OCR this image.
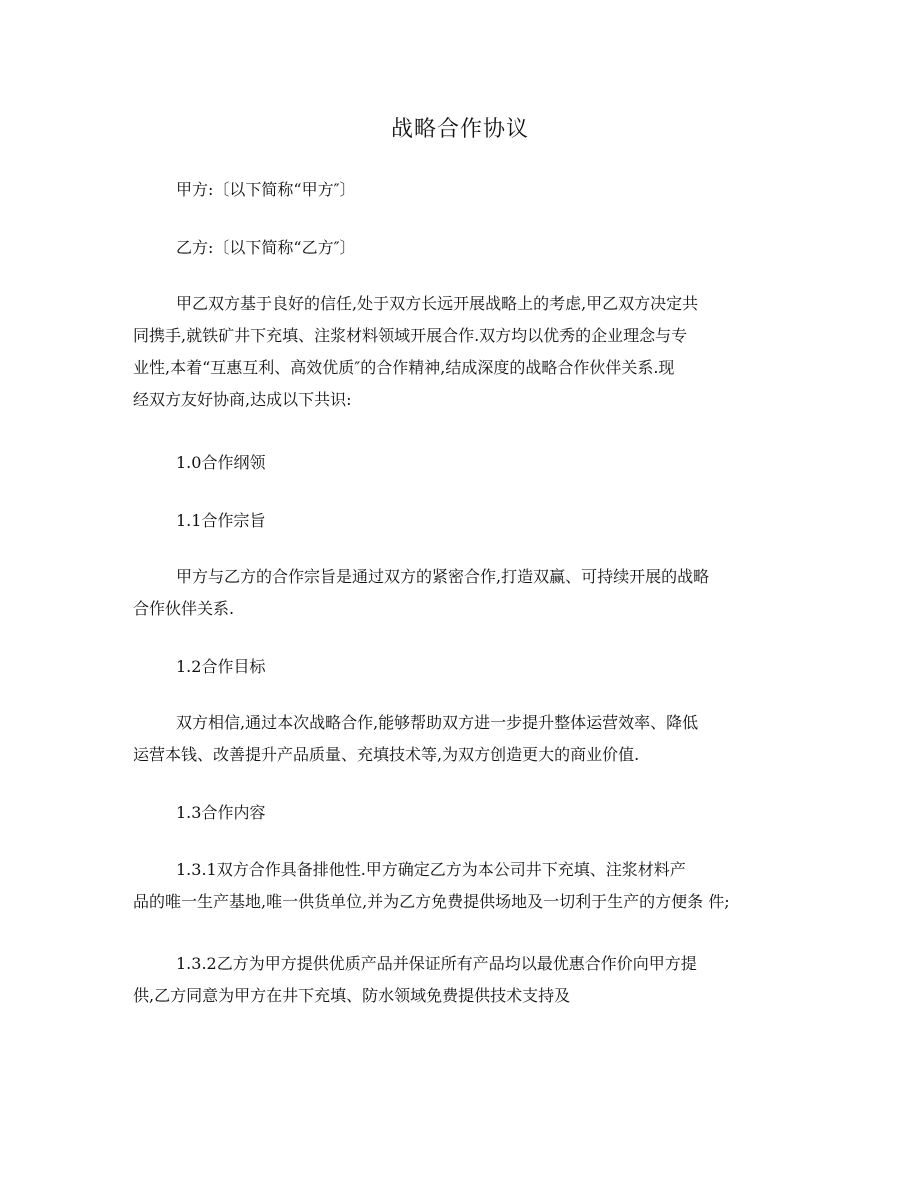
战略合作协议

甲方:〔以下简称“甲方″〕

乙方:〔以下简称“乙方″〕

甲乙双方基于良好的信任,处于双方长远开展战略上的考虑,甲乙双方决定共

同携手,就铁矿井下充填、注浆材料领域开展合作.双方均以优秀的企业理念与专

业性,本着“互惠互利、高效优质″的合作精神,结成深度的战略合作伙伴关系.现

经双方友好协商,达成以下共识:

1.0合作纲领

1.1合作宗旨

甲方与乙方的合作宗旨是通过双方的紧密合作,打造双赢、可持续开展的战略

合作伙伴关系.

1.2合作目标

双方相信,通过本次战略合作,能够帮助双方进一步提升整体运营效率、降低

运营本钱、改善提升产品质量、充填技术等,为双方创造更大的商业价值.

1.3合作内容

1.3.1双方合作具备排他性.甲方确定乙方为本公司井下充填、注浆材料产

品的唯一生产基地,唯一供货单位,并为乙方免费提供场地及一切利于生产的方便条 件;

1.3.2乙方为甲方提供优质产品并保证所有产品均以最优惠合作价向甲方提

供,乙方同意为甲方在井下充填、防水领域免费提供技术支持及
